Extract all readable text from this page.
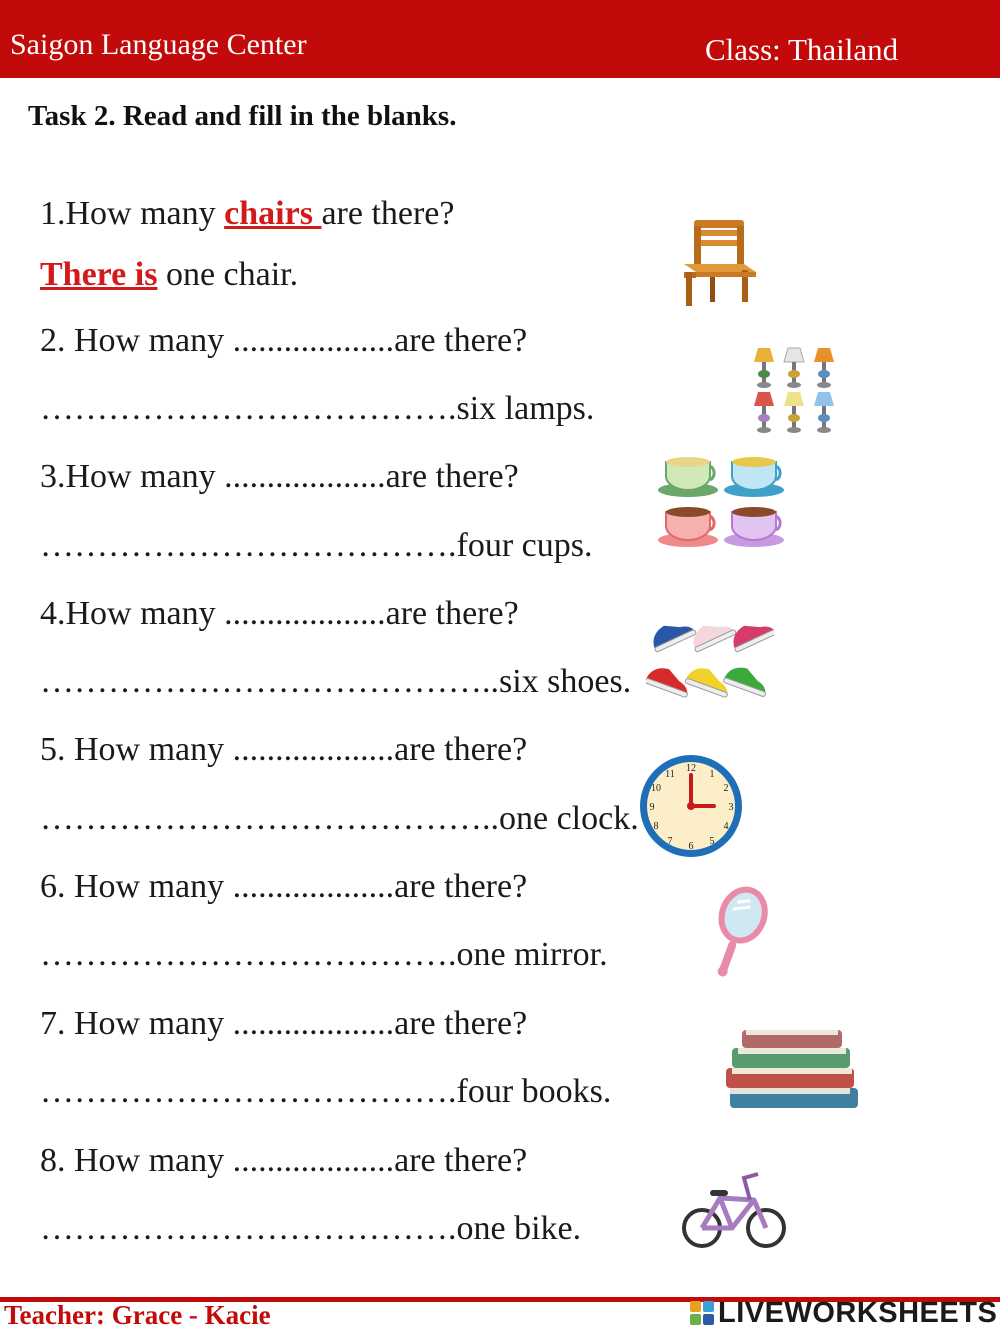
Saigon Language Center	Class: Thailand
Task 2. Read and fill in the blanks.
1.How many chairs are there?
There is one chair.
2. How many ...................are there?
……………………………….six lamps.
3.How many ...................are there?
……………………………….four cups.
4.How many ...................are there?
…………………………………..six shoes.
5. How many ...................are there?
…………………………………..one clock.
6. How many ...................are there?
……………………………….one mirror.
7. How many ...................are there?
……………………………….four books.
8. How many ...................are there?
……………………………….one bike.
12
1
2
3
4
5
6
7
8
9
10
11
Teacher: Grace - Kacie	LIVEWORKSHEETS
